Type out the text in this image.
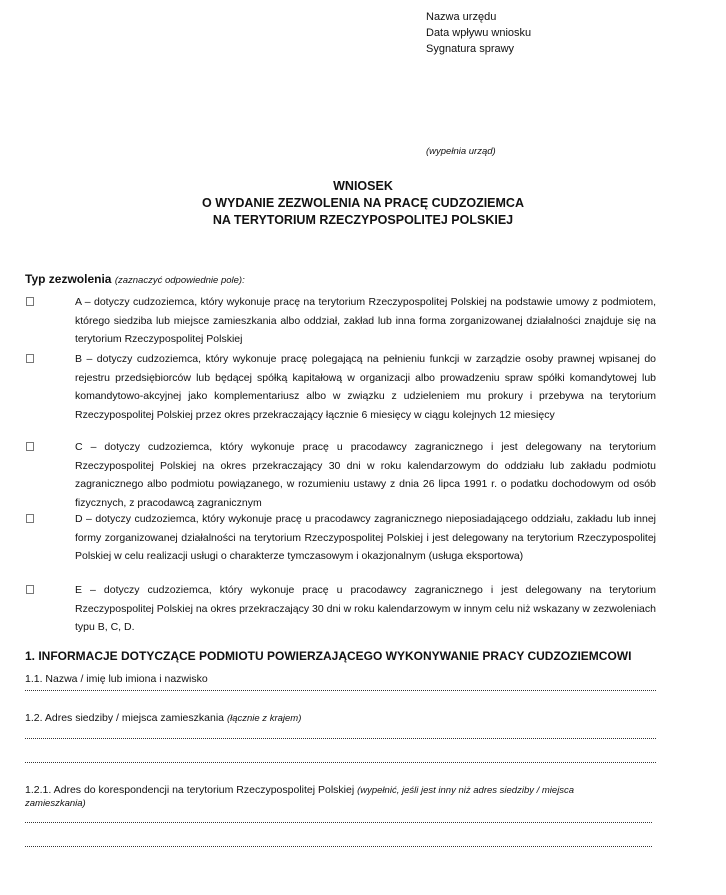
Nazwa urzędu
Data wpływu wniosku
Sygnatura sprawy
(wypełnia urząd)
WNIOSEK
O WYDANIE ZEZWOLENIA NA PRACĘ CUDZOZIEMCA
NA TERYTORIUM RZECZYPOSPOLITEJ POLSKIEJ
Typ zezwolenia (zaznaczyć odpowiednie pole):
A – dotyczy cudzoziemca, który wykonuje pracę na terytorium Rzeczypospolitej Polskiej na podstawie umowy z podmiotem, którego siedziba lub miejsce zamieszkania albo oddział, zakład lub inna forma zorganizowanej działalności znajduje się na terytorium Rzeczypospolitej Polskiej
B – dotyczy cudzoziemca, który wykonuje pracę polegającą na pełnieniu funkcji w zarządzie osoby prawnej wpisanej do rejestru przedsiębiorców lub będącej spółką kapitałową w organizacji albo prowadzeniu spraw spółki komandytowej lub komandytowo-akcyjnej jako komplementariusz albo w związku z udzieleniem mu prokury i przebywa na terytorium Rzeczypospolitej Polskiej przez okres przekraczający łącznie 6 miesięcy w ciągu kolejnych 12 miesięcy
C – dotyczy cudzoziemca, który wykonuje pracę u pracodawcy zagranicznego i jest delegowany na terytorium Rzeczypospolitej Polskiej na okres przekraczający 30 dni w roku kalendarzowym do oddziału lub zakładu podmiotu zagranicznego albo podmiotu powiązanego, w rozumieniu ustawy z dnia 26 lipca 1991 r. o podatku dochodowym od osób fizycznych, z pracodawcą zagranicznym
D – dotyczy cudzoziemca, który wykonuje pracę u pracodawcy zagranicznego nieposiadającego oddziału, zakładu lub innej formy zorganizowanej działalności na terytorium Rzeczypospolitej Polskiej i jest delegowany na terytorium Rzeczypospolitej Polskiej w celu realizacji usługi o charakterze tymczasowym i okazjonalnym (usługa eksportowa)
E – dotyczy cudzoziemca, który wykonuje pracę u pracodawcy zagranicznego i jest delegowany na terytorium Rzeczypospolitej Polskiej na okres przekraczający 30 dni w roku kalendarzowym w innym celu niż wskazany w zezwoleniach typu B, C, D.
1. INFORMACJE DOTYCZĄCE PODMIOTU POWIERZAJĄCEGO WYKONYWANIE PRACY CUDZOZIEMCOWI
1.1. Nazwa / imię lub imiona i nazwisko
1.2. Adres siedziby / miejsca zamieszkania (łącznie z krajem)
1.2.1. Adres do korespondencji na terytorium Rzeczypospolitej Polskiej (wypełnić, jeśli jest inny niż adres siedziby / miejsca zamieszkania)
